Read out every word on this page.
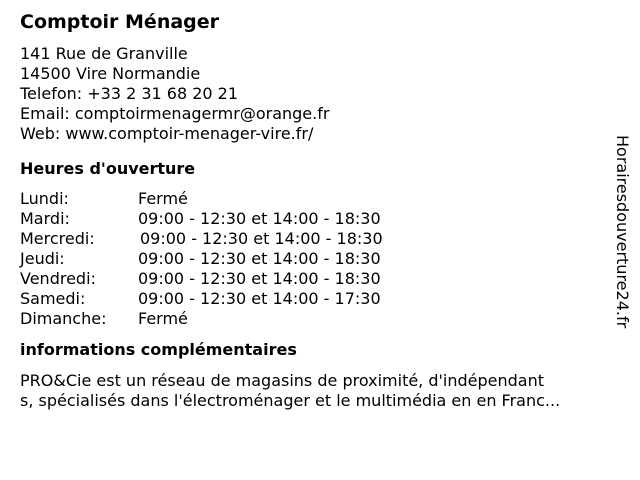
Comptoir Ménager
141 Rue de Granville
14500 Vire Normandie
Telefon: +33 2 31 68 20 21
Email: comptoirmenagermr@orange.fr
Web: www.comptoir-menager-vire.fr/
Heures d'ouverture
Lundi:	Fermé
Mardi:	09:00 - 12:30 et 14:00 - 18:30
Mercredi:	09:00 - 12:30 et 14:00 - 18:30
Jeudi:	09:00 - 12:30 et 14:00 - 18:30
Vendredi:	09:00 - 12:30 et 14:00 - 18:30
Samedi:	09:00 - 12:30 et 14:00 - 17:30
Dimanche: Fermé
informations complémentaires
PRO&Cie est un réseau de magasins de proximité, d'indépendant
s, spécialisés dans l'électroménager et le multimédia en en Franc...
Horairesdouverture24.fr
